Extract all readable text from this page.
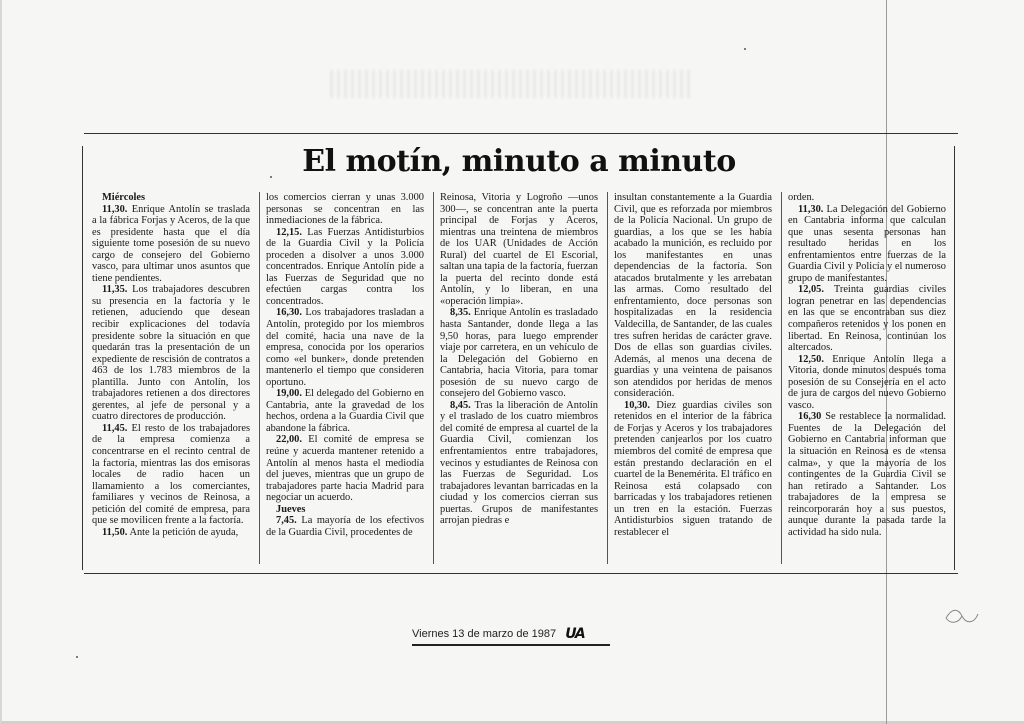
El motín, minuto a minuto

Miércoles

11,30. Enrique Antolín se traslada a la fábrica Forjas y Aceros, de la que es presidente hasta que el día siguiente tome posesión de su nuevo cargo de consejero del Gobierno vasco, para ultimar unos asuntos que tiene pendientes.

11,35. Los trabajadores descubren su presencia en la factoría y le retienen, aduciendo que desean recibir explicaciones del todavía presidente sobre la situación en que quedarán tras la presentación de un expediente de rescisión de contratos a 463 de los 1.783 miembros de la plantilla. Junto con Antolín, los trabajadores retienen a dos directores gerentes, al jefe de personal y a cuatro directores de producción.

11,45. El resto de los trabajadores de la empresa comienza a concentrarse en el recinto central de la factoría, mientras las dos emisoras locales de radio hacen un llamamiento a los comerciantes, familiares y vecinos de Reinosa, a petición del comité de empresa, para que se movilicen frente a la factoría.

11,50. Ante la petición de ayuda,

los comercios cierran y unas 3.000 personas se concentran en las inmediaciones de la fábrica.

12,15. Las Fuerzas Antidisturbios de la Guardia Civil y la Policía proceden a disolver a unos 3.000 concentrados. Enrique Antolín pide a las Fuerzas de Seguridad que no efectúen cargas contra los concentrados.

16,30. Los trabajadores trasladan a Antolín, protegido por los miembros del comité, hacia una nave de la empresa, conocida por los operarios como «el bunker», donde pretenden mantenerlo el tiempo que consideren oportuno.

19,00. El delegado del Gobierno en Cantabria, ante la gravedad de los hechos, ordena a la Guardia Civil que abandone la fábrica.

22,00. El comité de empresa se reúne y acuerda mantener retenido a Antolín al menos hasta el mediodía del jueves, mientras que un grupo de trabajadores parte hacia Madrid para negociar un acuerdo.

Jueves

7,45. La mayoría de los efectivos de la Guardia Civil, procedentes de

Reinosa, Vitoria y Logroño —unos 300—, se concentran ante la puerta principal de Forjas y Aceros, mientras una treintena de miembros de los UAR (Unidades de Acción Rural) del cuartel de El Escorial, saltan una tapia de la factoría, fuerzan la puerta del recinto donde está Antolín, y lo liberan, en una «operación limpia».

8,35. Enrique Antolín es trasladado hasta Santander, donde llega a las 9,50 horas, para luego emprender viaje por carretera, en un vehículo de la Delegación del Gobierno en Cantabria, hacia Vitoria, para tomar posesión de su nuevo cargo de consejero del Gobierno vasco.

8,45. Tras la liberación de Antolín y el traslado de los cuatro miembros del comité de empresa al cuartel de la Guardia Civil, comienzan los enfrentamientos entre trabajadores, vecinos y estudiantes de Reinosa con las Fuerzas de Seguridad. Los trabajadores levantan barricadas en la ciudad y los comercios cierran sus puertas. Grupos de manifestantes arrojan piedras e

insultan constantemente a la Guardia Civil, que es reforzada por miembros de la Policía Nacional. Un grupo de guardias, a los que se les había acabado la munición, es recluido por los manifestantes en unas dependencias de la factoría. Son atacados brutalmente y les arrebatan las armas. Como resultado del enfrentamiento, doce personas son hospitalizadas en la residencia Valdecilla, de Santander, de las cuales tres sufren heridas de carácter grave. Dos de ellas son guardias civiles. Además, al menos una decena de guardias y una veintena de paisanos son atendidos por heridas de menos consideración.

10,30. Diez guardias civiles son retenidos en el interior de la fábrica de Forjas y Aceros y los trabajadores pretenden canjearlos por los cuatro miembros del comité de empresa que están prestando declaración en el cuartel de la Benemérita. El tráfico en Reinosa está colapsado con barricadas y los trabajadores retienen un tren en la estación. Fuerzas Antidisturbios siguen tratando de restablecer el

orden.

11,30. La Delegación del Gobierno en Cantabria informa que calculan que unas sesenta personas han resultado heridas en los enfrentamientos entre fuerzas de la Guardia Civil y Policía y el numeroso grupo de manifestantes.

12,05. Treinta guardias civiles logran penetrar en las dependencias en las que se encontraban sus diez compañeros retenidos y los ponen en libertad. En Reinosa, continúan los altercados.

12,50. Enrique Antolín llega a Vitoria, donde minutos después toma posesión de su Consejería en el acto de jura de cargos del nuevo Gobierno vasco.

16,30 Se restablece la normalidad. Fuentes de la Delegación del Gobierno en Cantabria informan que la situación en Reinosa es de «tensa calma», y que la mayoría de los contingentes de la Guardia Civil se han retirado a Santander. Los trabajadores de la empresa se reincorporarán hoy a sus puestos, aunque durante la pasada tarde la actividad ha sido nula.

Viernes 13 de marzo de 1987 UA
